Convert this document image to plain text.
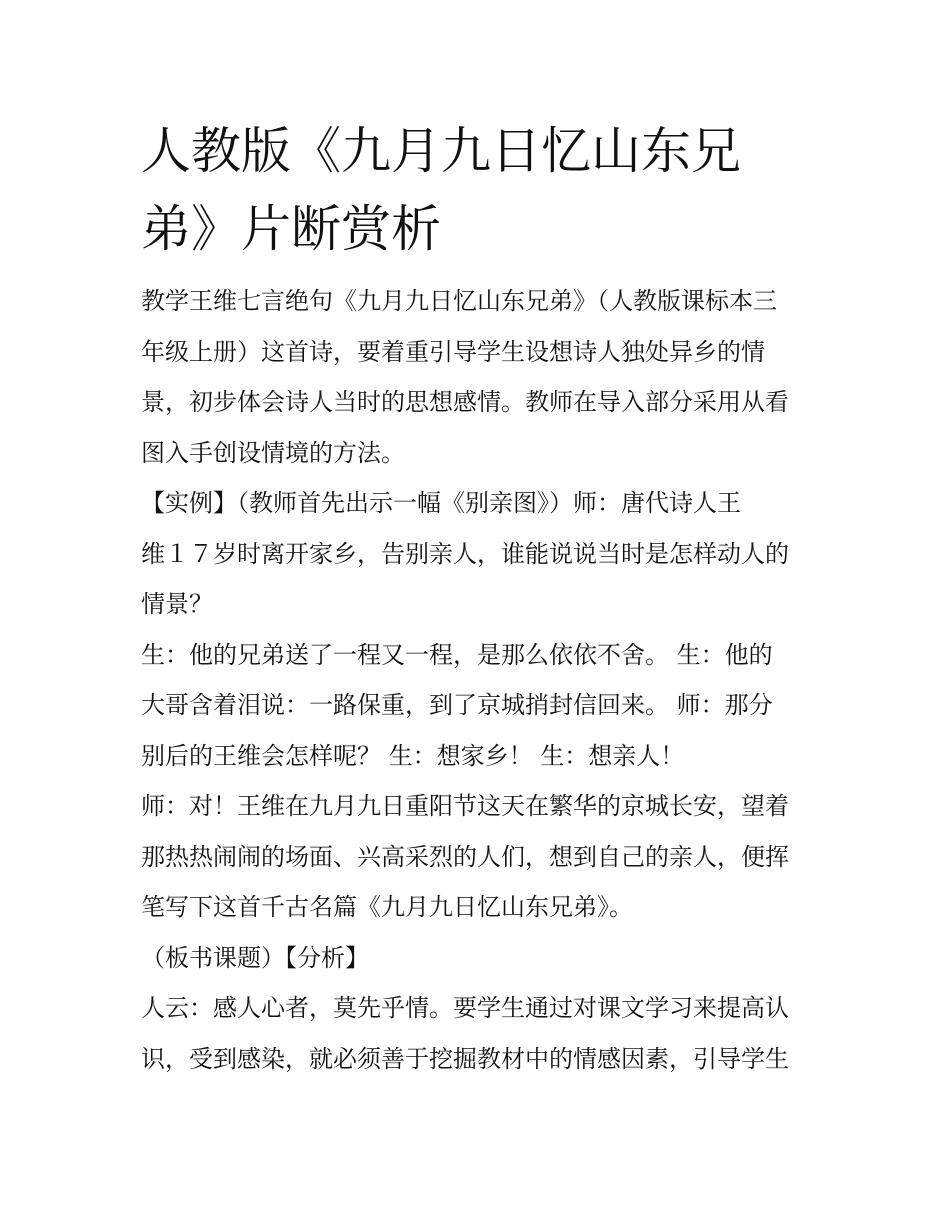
人教版《九月九日忆山东兄
弟》片断赏析
教学王维七言绝句《九月九日忆山东兄弟》（人教版课标本三
年级上册）这首诗，要着重引导学生设想诗人独处异乡的情
景，初步体会诗人当时的思想感情。教师在导入部分采用从看
图入手创设情境的方法。
【实例】（教师首先出示一幅《别亲图》）师：唐代诗人王
维１７岁时离开家乡，告别亲人，谁能说说当时是怎样动人的
情景？
生：他的兄弟送了一程又一程，是那么依依不舍。 生：他的
大哥含着泪说：一路保重，到了京城捎封信回来。 师：那分
别后的王维会怎样呢？ 生：想家乡！ 生：想亲人！
师：对！王维在九月九日重阳节这天在繁华的京城长安，望着
那热热闹闹的场面、兴高采烈的人们，想到自己的亲人，便挥
笔写下这首千古名篇《九月九日忆山东兄弟》。
（板书课题）【分析】
人云：感人心者，莫先乎情。要学生通过对课文学习来提高认
识，受到感染，就必须善于挖掘教材中的情感因素，引导学生
